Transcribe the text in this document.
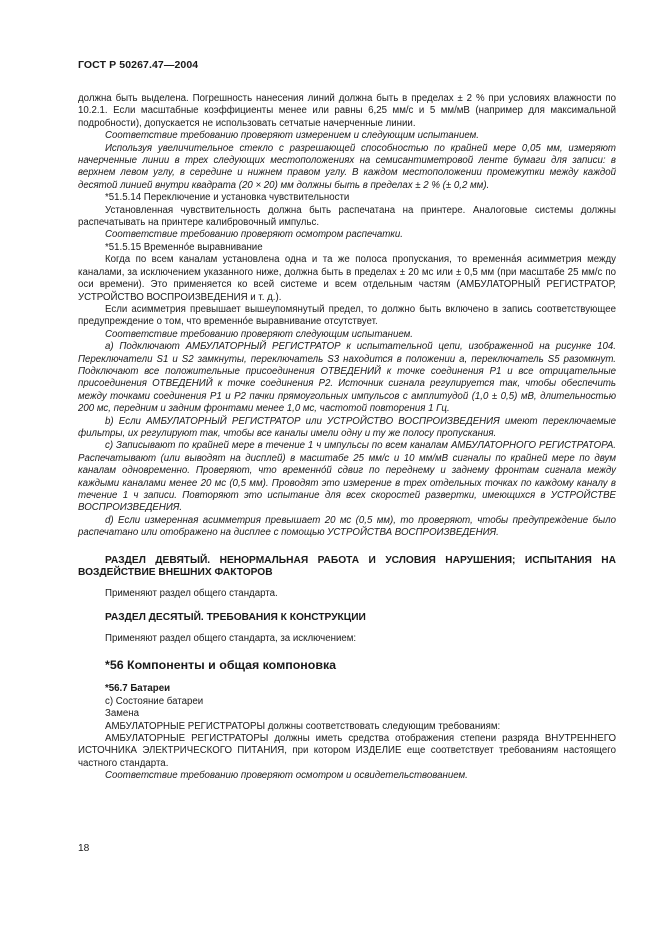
ГОСТ Р 50267.47—2004

должна быть выделена. Погрешность нанесения линий должна быть в пределах ± 2 % при условиях влажности по 10.2.1. Если масштабные коэффициенты менее или равны 6,25 мм/с и 5 мм/мВ (например для максимальной подробности), допускается не использовать сетчатые начерченные линии.

Соответствие требованию проверяют измерением и следующим испытанием.

Используя увеличительное стекло с разрешающей способностью по крайней мере 0,05 мм, измеряют начерченные линии в трех следующих местоположениях на семисантиметровой ленте бумаги для записи: в верхнем левом углу, в середине и нижнем правом углу. В каждом местоположении промежутки между каждой десятой линией внутри квадрата (20 × 20) мм должны быть в пределах ± 2 % (± 0,2 мм).

*51.5.14 Переключение и установка чувствительности

Установленная чувствительность должна быть распечатана на принтере. Аналоговые системы должны распечатывать на принтере калибровочный импульс.

Соответствие требованию проверяют осмотром распечатки.

*51.5.15 Временно́е выравнивание

Когда по всем каналам установлена одна и та же полоса пропускания, то временна́я асимметрия между каналами, за исключением указанного ниже, должна быть в пределах ± 20 мс или ± 0,5 мм (при масштабе 25 мм/с по оси времени). Это применяется ко всей системе и всем отдельным частям (АМБУЛАТОРНЫЙ РЕГИСТРАТОР, УСТРОЙСТВО ВОСПРОИЗВЕДЕНИЯ и т. д.).

Если асимметрия превышает вышеупомянутый предел, то должно быть включено в запись соответствующее предупреждение о том, что временно́е выравнивание отсутствует.

Соответствие требованию проверяют следующим испытанием.

а) Подключают АМБУЛАТОРНЫЙ РЕГИСТРАТОР к испытательной цепи, изображенной на рисунке 104. Переключатели S1 и S2 замкнуты, переключатель S3 находится в положении а, переключатель S5 разомкнут. Подключают все положительные присоединения ОТВЕДЕНИЙ к точке соединения Р1 и все отрицательные присоединения ОТВЕДЕНИЙ к точке соединения Р2. Источник сигнала регулируется так, чтобы обеспечить между точками соединения Р1 и Р2 пачки прямоугольных импульсов с амплитудой (1,0 ± 0,5) мВ, длительностью 200 мс, передним и задним фронтами менее 1,0 мс, частотой повторения 1 Гц.

b) Если АМБУЛАТОРНЫЙ РЕГИСТРАТОР или УСТРОЙСТВО ВОСПРОИЗВЕДЕНИЯ имеют переключаемые фильтры, их регулируют так, чтобы все каналы имели одну и ту же полосу пропускания.

c) Записывают по крайней мере в течение 1 ч импульсы по всем каналам АМБУЛАТОРНОГО РЕГИСТРАТОРА. Распечатывают (или выводят на дисплей) в масштабе 25 мм/с и 10 мм/мВ сигналы по крайней мере по двум каналам одновременно. Проверяют, что временно́й сдвиг по переднему и заднему фронтам сигнала между каждыми каналами менее 20 мс (0,5 мм). Проводят это измерение в трех отдельных точках по каждому каналу в течение 1 ч записи. Повторяют это испытание для всех скоростей развертки, имеющихся в УСТРОЙСТВЕ ВОСПРОИЗВЕДЕНИЯ.

d) Если измеренная асимметрия превышает 20 мс (0,5 мм), то проверяют, чтобы предупреждение было распечатано или отображено на дисплее с помощью УСТРОЙСТВА ВОСПРОИЗВЕДЕНИЯ.

РАЗДЕЛ ДЕВЯТЫЙ. НЕНОРМАЛЬНАЯ РАБОТА И УСЛОВИЯ НАРУШЕНИЯ; ИСПЫТАНИЯ НА ВОЗДЕЙСТВИЕ ВНЕШНИХ ФАКТОРОВ

Применяют раздел общего стандарта.

РАЗДЕЛ ДЕСЯТЫЙ. ТРЕБОВАНИЯ К КОНСТРУКЦИИ

Применяют раздел общего стандарта, за исключением:

*56 Компоненты и общая компоновка

*56.7 Батареи

с) Состояние батареи

Замена

АМБУЛАТОРНЫЕ РЕГИСТРАТОРЫ должны соответствовать следующим требованиям:

АМБУЛАТОРНЫЕ РЕГИСТРАТОРЫ должны иметь средства отображения степени разряда ВНУТРЕННЕГО ИСТОЧНИКА ЭЛЕКТРИЧЕСКОГО ПИТАНИЯ, при котором ИЗДЕЛИЕ еще соответствует требованиям настоящего частного стандарта.

Соответствие требованию проверяют осмотром и освидетельствованием.

18
